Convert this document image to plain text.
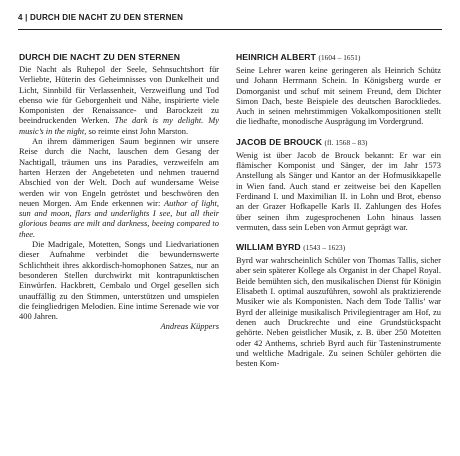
4 | DURCH DIE NACHT ZU DEN STERNEN
DURCH DIE NACHT ZU DEN STERNEN

Die Nacht als Ruhepol der Seele, Sehnsuchtshort für Verliebte, Hüterin des Geheimnisses von Dunkelheit und Licht, Sinnbild für Verlassenheit, Verzweiflung und Tod ebenso wie für Geborgenheit und Nähe, inspirierte viele Komponisten der Renaissance- und Barockzeit zu beeindruckenden Werken. The dark is my delight. My music’s in the night, so reimte einst John Marston.

An ihrem dämmerigen Saum beginnen wir unsere Reise durch die Nacht, lauschen dem Gesang der Nachtigall, träumen uns ins Paradies, verzweifeln am harten Herzen der Angebeteten und nehmen trauernd Abschied von der Welt. Doch auf wundersame Weise werden wir von Engeln getröstet und beschwören den neuen Morgen. Am Ende erkennen wir: Author of light, sun and moon, flars and underlights I see, but all their glorious beams are milt and darkness, beeing compared to thee.

Die Madrigale, Motetten, Songs und Liedvariationen dieser Aufnahme verbindet die bewundernswerte Schlichtheit ihres akkordisch-homophonen Satzes, nur an besonderen Stellen durchwirkt mit kontrapunktischen Einwürfen. Hackbrett, Cembalo und Orgel gesellen sich unauffällig zu den Stimmen, unterstützen und umspielen die feingliedrigen Melodien. Eine intime Serenade wie vor 400 Jahren.

Andreas Küppers
HEINRICH ALBERT (1604 – 1651)
Seine Lehrer waren keine geringeren als Heinrich Schütz und Johann Herrmann Schein. In Königsberg wurde er Domorganist und schuf mit seinem Freund, dem Dichter Simon Dach, beste Beispiele des deutschen Barockliedes. Auch in seinen mehrstimmigen Vokalkompositionen stellt die liedhafte, monodische Ausprägung im Vordergrund.
JACOB DE BROUCK (fl. 1568 – 83)
Wenig ist über Jacob de Brouck bekannt: Er war ein flämischer Komponist und Sänger, der im Jahr 1573 Anstellung als Sänger und Kantor an der Hofmusikkapelle in Wien fand. Auch stand er zeitweise bei den Kapellen Ferdinand I. und Maximilian II. in Lohn und Brot, ebenso an der Grazer Hofkapelle Karls II. Zahlungen des Hofes über seinen ihm zugesprochenen Lohn hinaus lassen vermuten, dass sein Leben von Armut geprägt war.
WILLIAM BYRD (1543 – 1623)
Byrd war wahrscheinlich Schüler von Thomas Tallis, sicher aber sein späterer Kollege als Organist in der Chapel Royal. Beide bemühten sich, den musikalischen Dienst für Königin Elisabeth I. optimal auszuführen, sowohl als praktizierende Musiker wie als Komponisten. Nach dem Tode Tallis’ war Byrd der alleinige musikalisch Privilegientrager am Hof, zu denen auch Druckrechte und eine Grundstückspacht gehörte. Neben geistlicher Musik, z. B. über 250 Motetten oder 42 Anthems, schrieb Byrd auch für Tasteninstrumente und weltliche Madrigale. Zu seinen Schüler gehörten die besten Kom-
